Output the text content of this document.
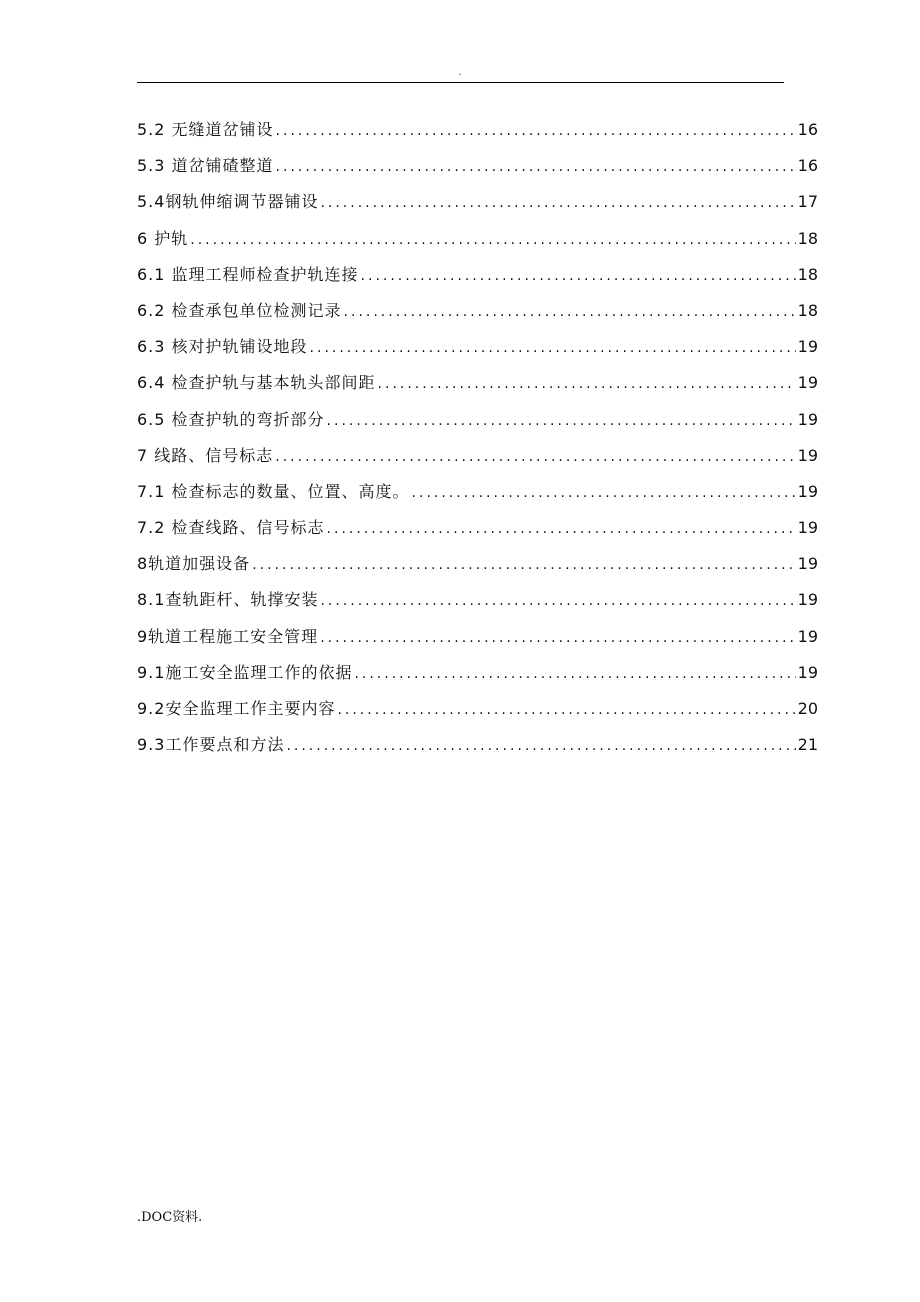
.
5.2 无缝道岔铺设 .....	16
5.3 道岔铺碴整道 .....	16
5.4钢轨伸缩调节器铺设 .....	17
6 护轨 .....	18
6.1 监理工程师检查护轨连接 .....	18
6.2 检查承包单位检测记录 .....	18
6.3 核对护轨铺设地段 .....	19
6.4 检查护轨与基本轨头部间距 .....	19
6.5 检查护轨的弯折部分 .....	19
7 线路、信号标志 .....	19
7.1 检查标志的数量、位置、高度。 .....	19
7.2 检查线路、信号标志 .....	19
8轨道加强设备 .....	19
8.1查轨距杆、轨撑安装 .....	19
9轨道工程施工安全管理 .....	19
9.1施工安全监理工作的依据 .....	19
9.2安全监理工作主要内容 .....	20
9.3工作要点和方法 .....	21
.DOC资料.
